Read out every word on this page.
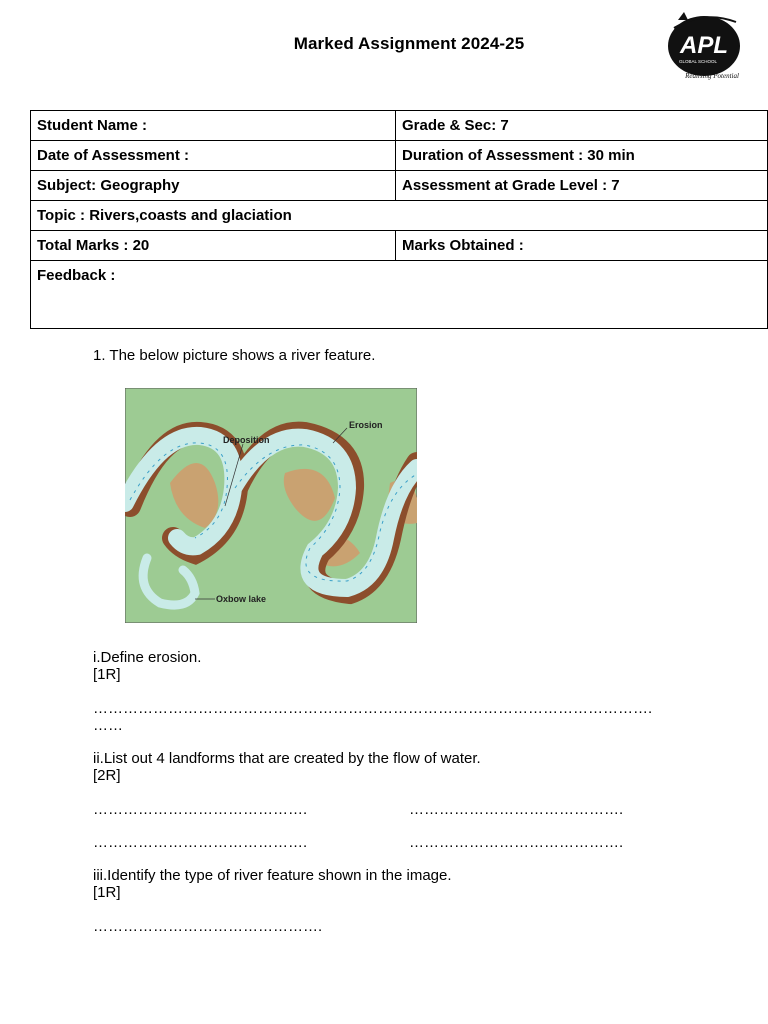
Marked Assignment 2024-25	APL
GLOBAL SCHOOL
Realising Potential
Student Name :	Grade & Sec: 7
Date of Assessment :	Duration of Assessment : 30 min
Subject: Geography	Assessment at Grade Level : 7
Topic : Rivers,coasts and glaciation	
Total Marks : 20	Marks Obtained :
Feedback :	
1. The below picture shows a river feature.
Deposition
Erosion
Oxbow lake
i.Define erosion.
[1R]
………………………………………………………………………………………………….
……
ii.List out 4 landforms that are created by the flow of water.
[2R]
…………………………………….	…………………………………….
…………………………………….	…………………………………….
iii.Identify the type of river feature shown in the image.
[1R]
……………………………………….
